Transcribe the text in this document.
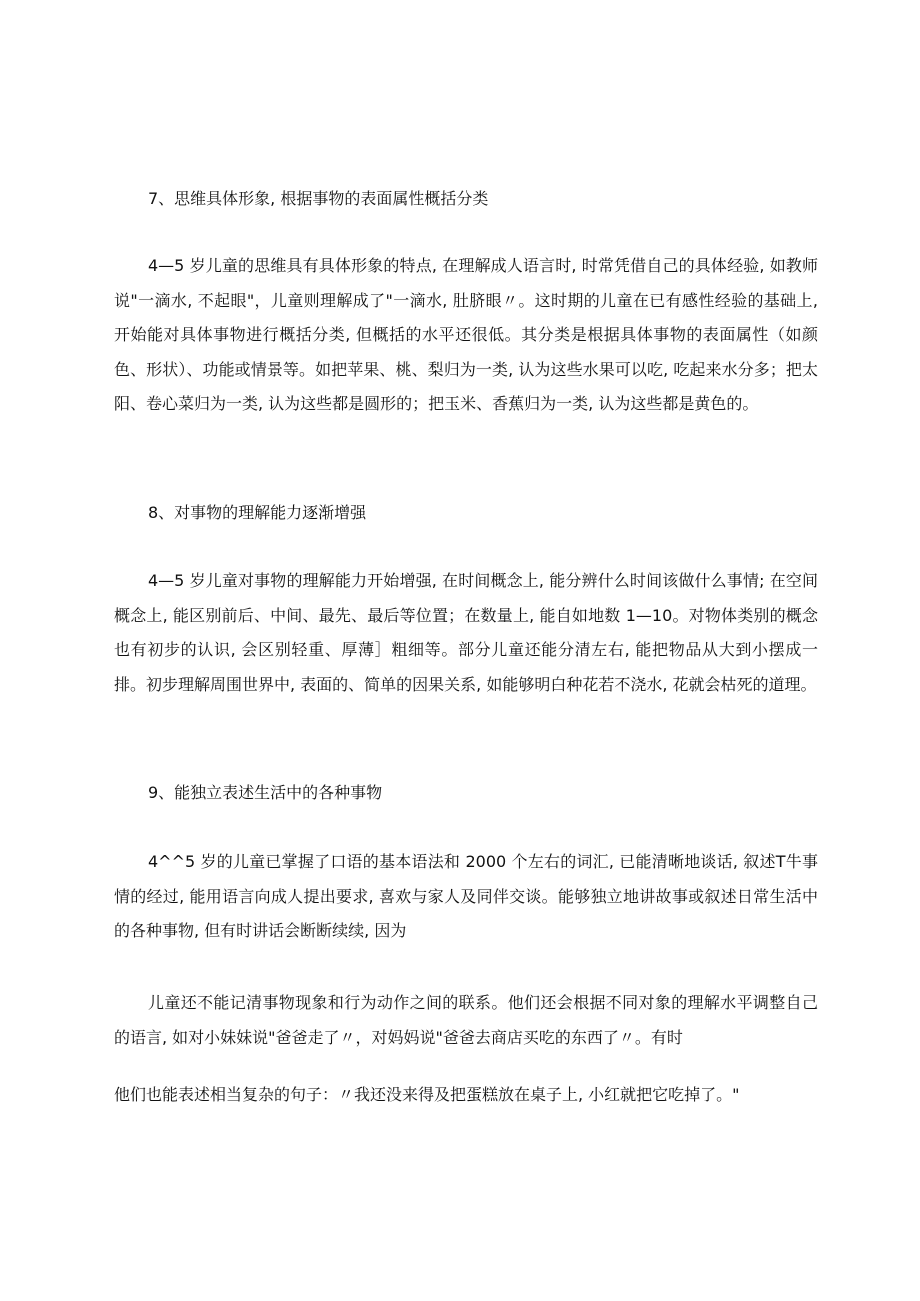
7、思维具体形象, 根据事物的表面属性概括分类

4—5 岁儿童的思维具有具体形象的特点, 在理解成人语言时, 时常凭借自己的具体经验, 如教师说"一滴水, 不起眼"，儿童则理解成了"一滴水, 肚脐眼〃。这时期的儿童在已有感性经验的基础上, 开始能对具体事物进行概括分类, 但概括的水平还很低。其分类是根据具体事物的表面属性（如颜色、形状）、功能或情景等。如把苹果、桃、梨归为一类, 认为这些水果可以吃, 吃起来水分多；把太阳、卷心菜归为一类, 认为这些都是圆形的；把玉米、香蕉归为一类, 认为这些都是黄色的。

8、对事物的理解能力逐渐增强

4—5 岁儿童对事物的理解能力开始增强, 在时间概念上, 能分辨什么时间该做什么事情; 在空间概念上, 能区别前后、中间、最先、最后等位置；在数量上, 能自如地数 1—10。对物体类别的概念也有初步的认识, 会区别轻重、厚薄］粗细等。部分儿童还能分清左右, 能把物品从大到小摆成一排。初步理解周围世界中, 表面的、简单的因果关系, 如能够明白种花若不浇水, 花就会枯死的道理。

9、能独立表述生活中的各种事物

4^^5 岁的儿童已掌握了口语的基本语法和 2000 个左右的词汇, 已能清晰地谈话, 叙述T牛事情的经过, 能用语言向成人提出要求, 喜欢与家人及同伴交谈。能够独立地讲故事或叙述日常生活中的各种事物, 但有时讲话会断断续续, 因为

儿童还不能记清事物现象和行为动作之间的联系。他们还会根据不同对象的理解水平调整自己的语言, 如对小妹妹说"爸爸走了〃，对妈妈说"爸爸去商店买吃的东西了〃。有时

他们也能表述相当复杂的句子：〃我还没来得及把蛋糕放在桌子上, 小红就把它吃掉了。"
